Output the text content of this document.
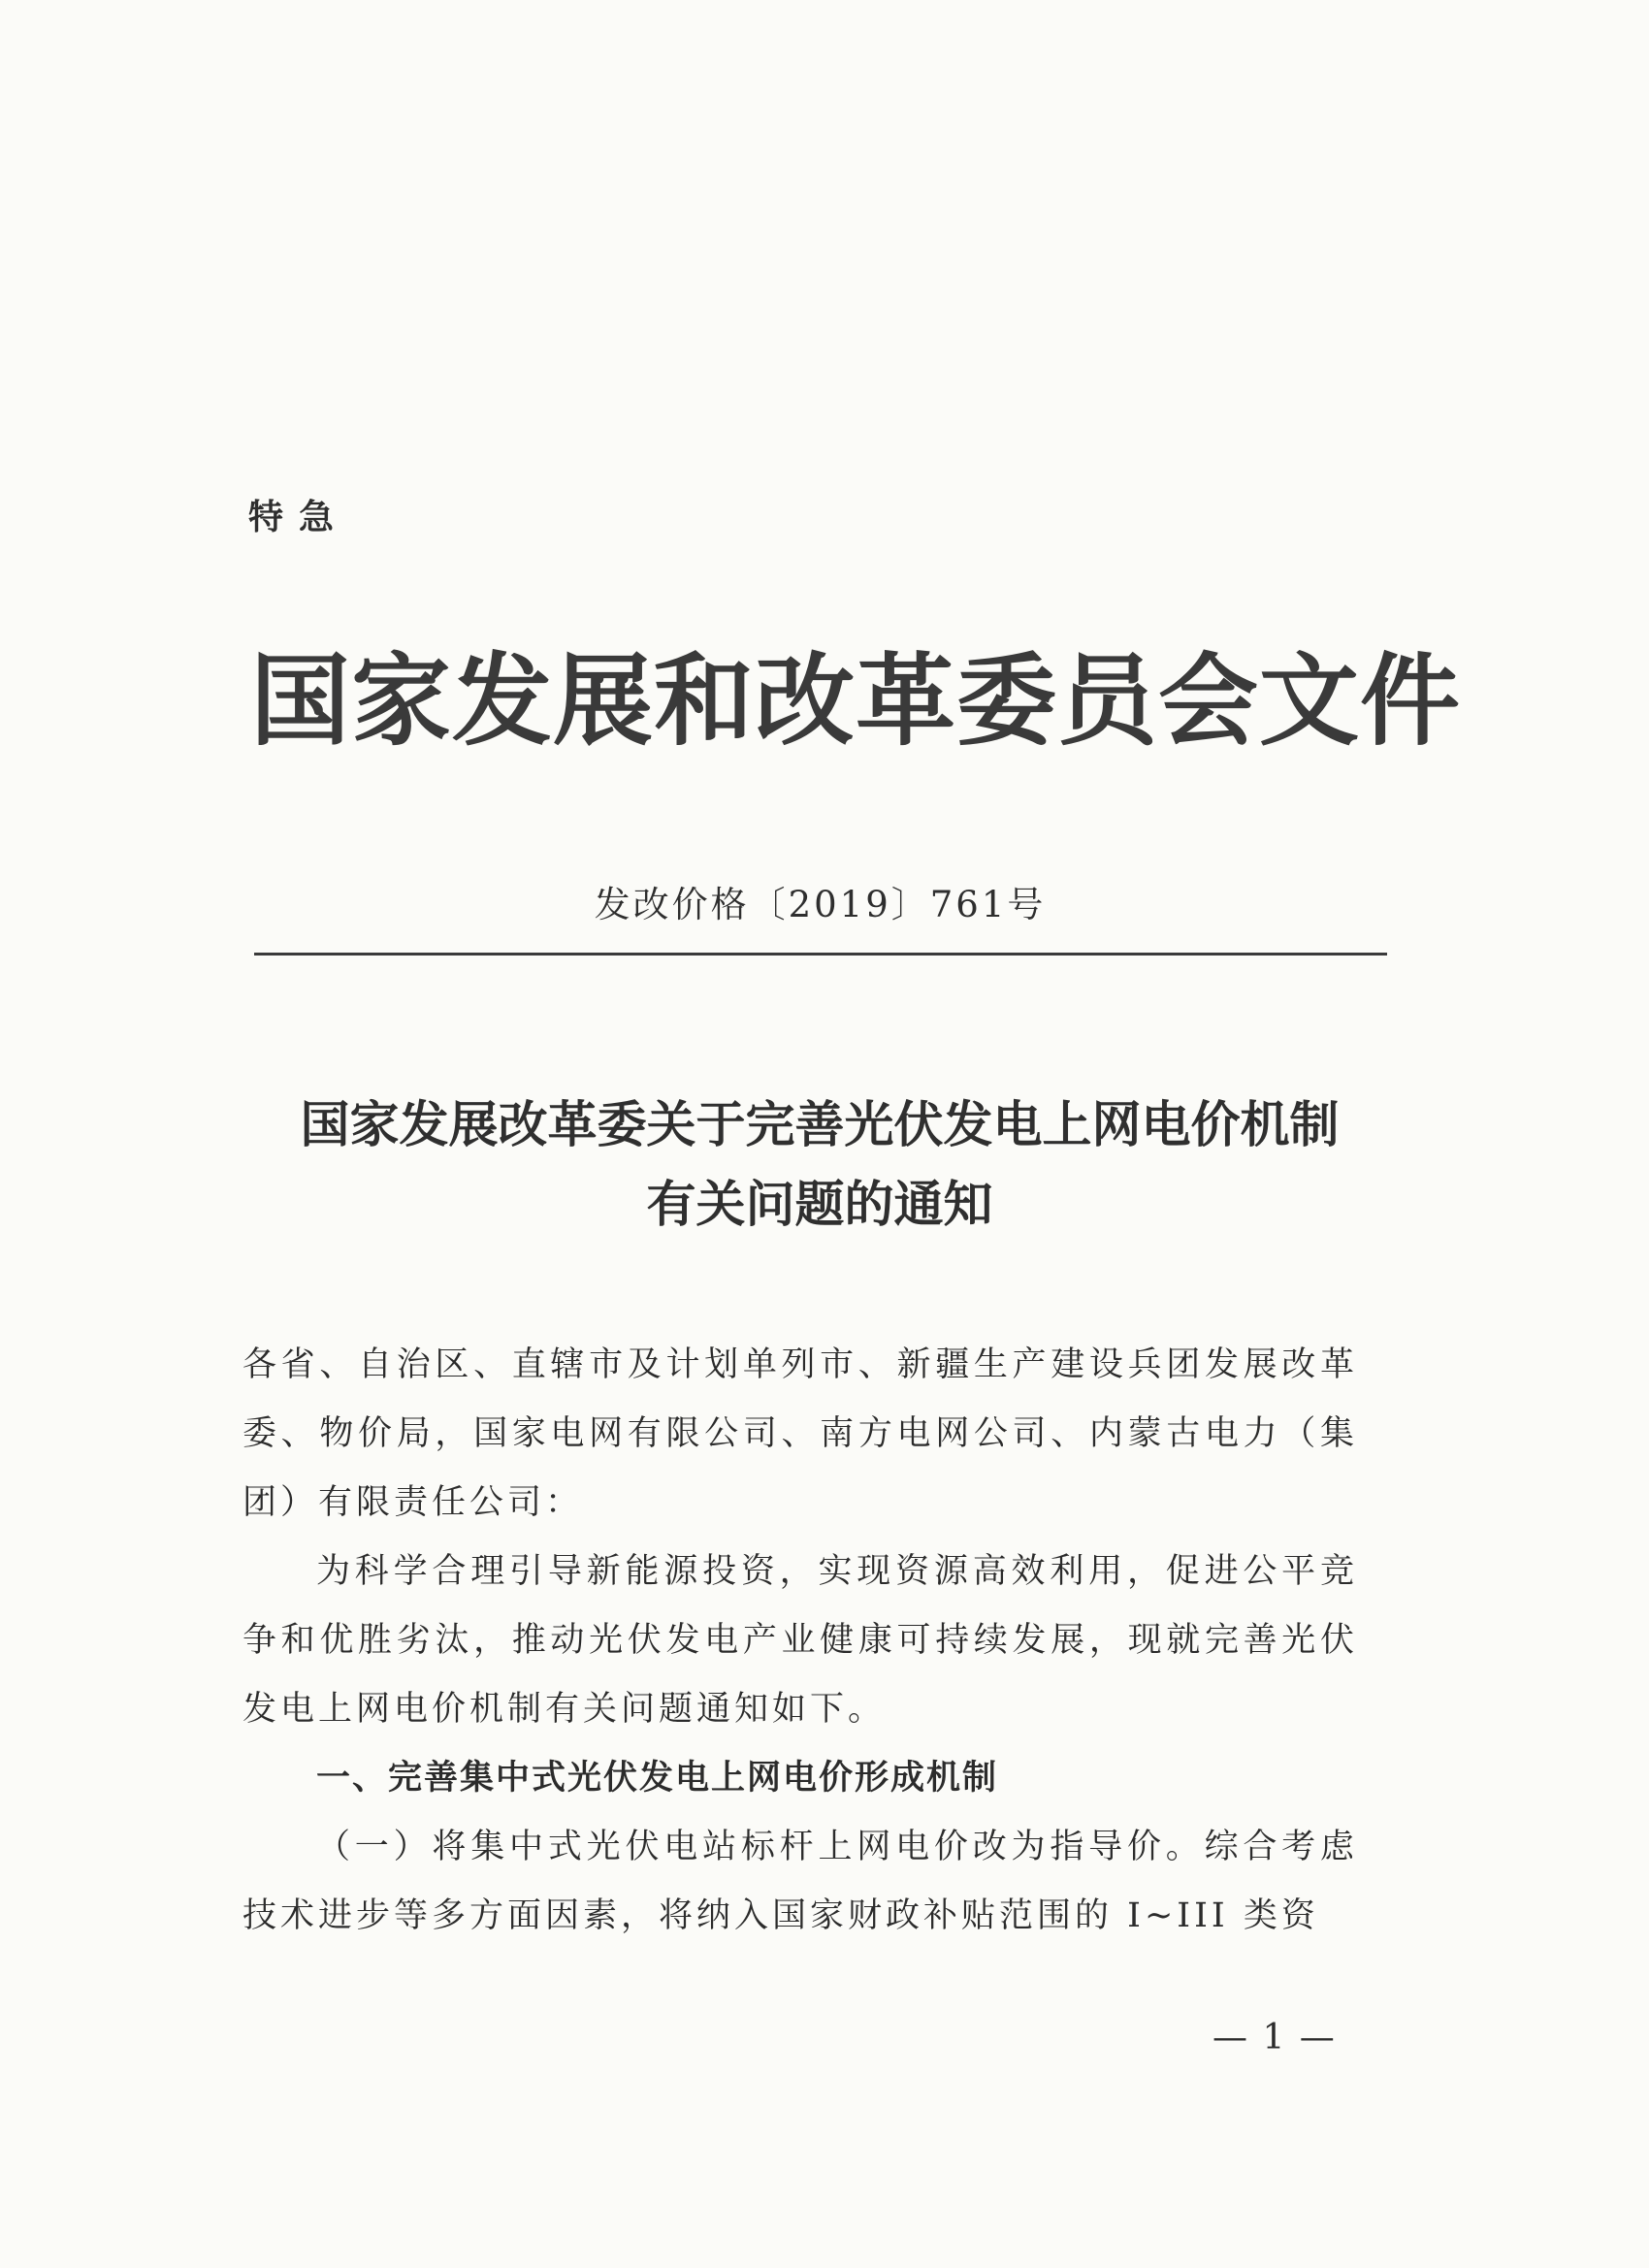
特急
国家发展和改革委员会文件
发改价格〔2019〕761号
国家发展改革委关于完善光伏发电上网电价机制
有关问题的通知

各省、自治区、直辖市及计划单列市、新疆生产建设兵团发展改革委、物价局，国家电网有限公司、南方电网公司、内蒙古电力（集团）有限责任公司：

为科学合理引导新能源投资，实现资源高效利用，促进公平竞争和优胜劣汰，推动光伏发电产业健康可持续发展，现就完善光伏发电上网电价机制有关问题通知如下。

一、完善集中式光伏发电上网电价形成机制

（一）将集中式光伏电站标杆上网电价改为指导价。综合考虑技术进步等多方面因素，将纳入国家财政补贴范围的 I~III 类资

— 1 —
